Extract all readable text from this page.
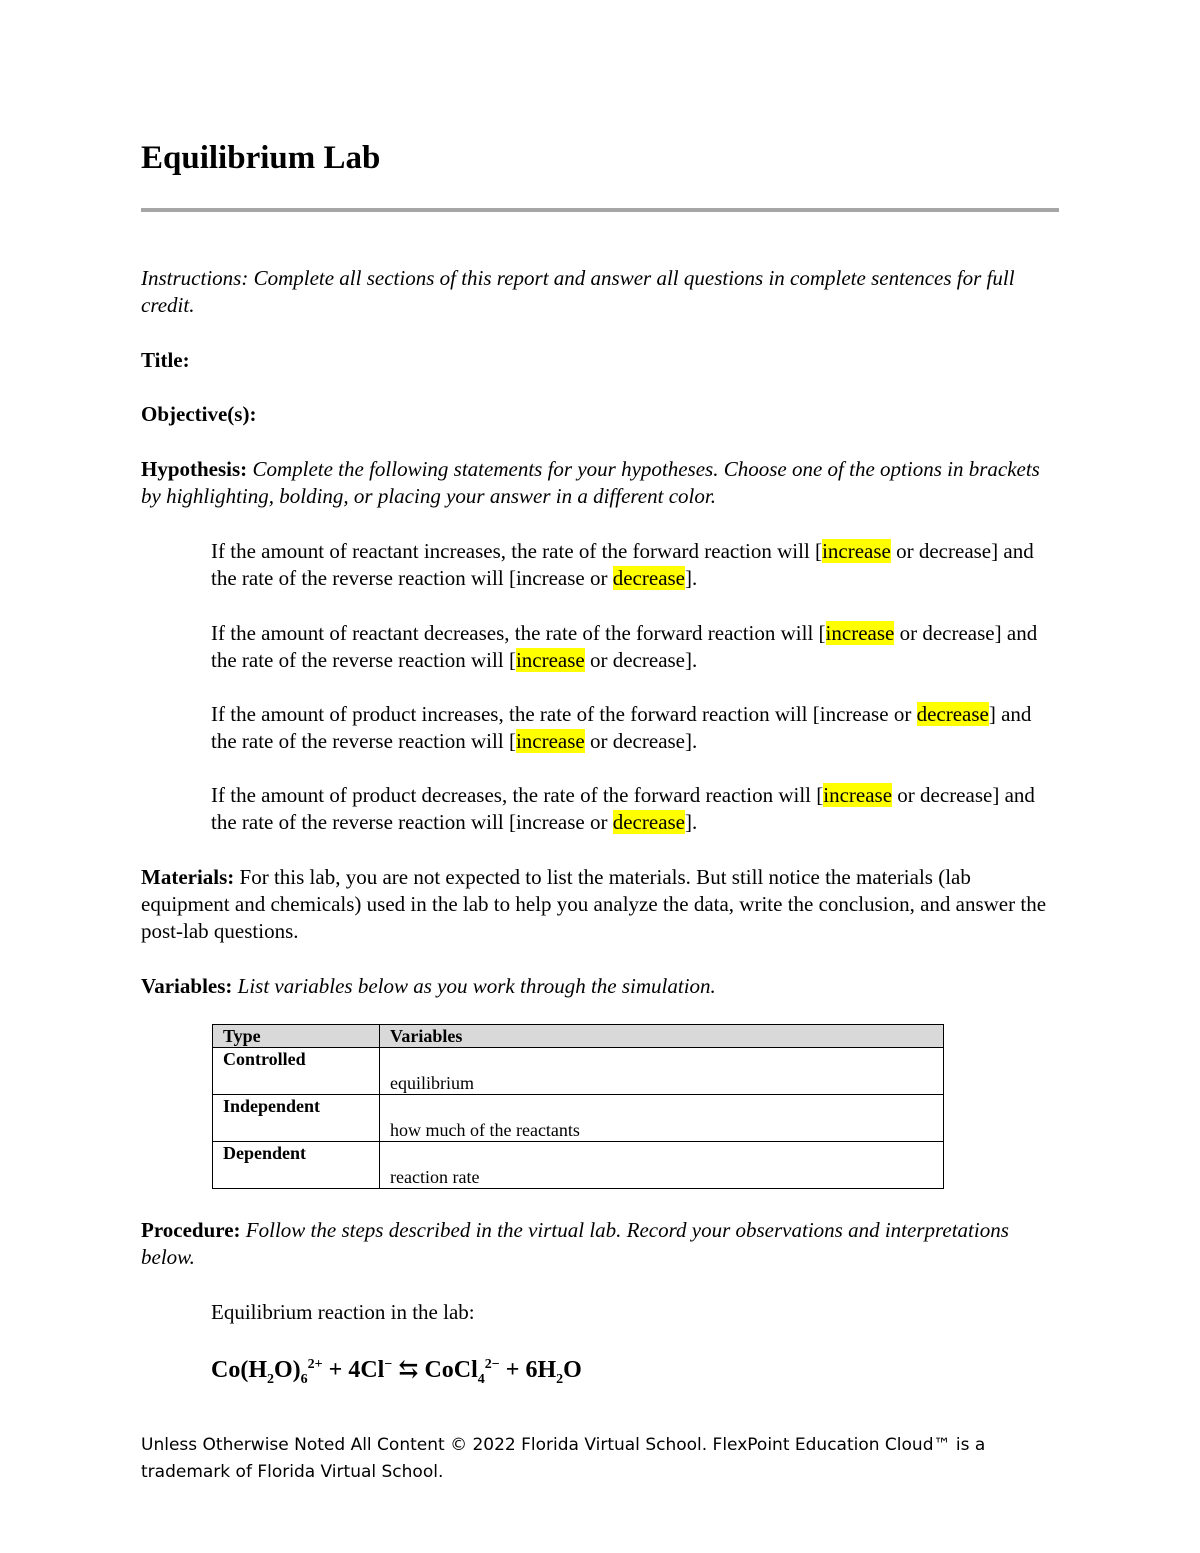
Equilibrium Lab

Instructions: Complete all sections of this report and answer all questions in complete sentences for full credit.

Title:

Objective(s):

Hypothesis: Complete the following statements for your hypotheses. Choose one of the options in brackets by highlighting, bolding, or placing your answer in a different color.

If the amount of reactant increases, the rate of the forward reaction will [increase or decrease] and the rate of the reverse reaction will [increase or decrease].

If the amount of reactant decreases, the rate of the forward reaction will [increase or decrease] and the rate of the reverse reaction will [increase or decrease].

If the amount of product increases, the rate of the forward reaction will [increase or decrease] and the rate of the reverse reaction will [increase or decrease].

If the amount of product decreases, the rate of the forward reaction will [increase or decrease] and the rate of the reverse reaction will [increase or decrease].

Materials: For this lab, you are not expected to list the materials. But still notice the materials (lab equipment and chemicals) used in the lab to help you analyze the data, write the conclusion, and answer the post-lab questions.

Variables: List variables below as you work through the simulation.

Type	Variables
Controlled	equilibrium
Independent	how much of the reactants
Dependent	reaction rate

Procedure: Follow the steps described in the virtual lab. Record your observations and interpretations below.

Equilibrium reaction in the lab:

$Co(H_2O)_6^{2+} + 4Cl^-$ ⇆ CoCl$_4^{2-}$ + $6H_2O$

Unless Otherwise Noted All Content © 2022 Florida Virtual School. FlexPoint Education Cloud™ is a trademark of Florida Virtual School.
